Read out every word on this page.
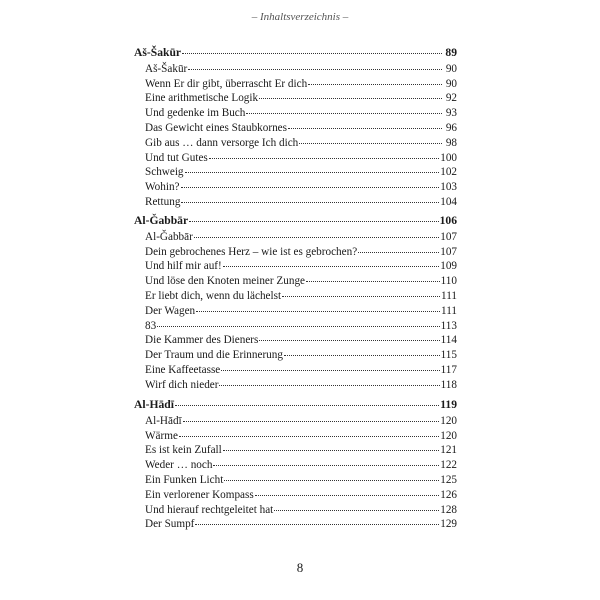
– Inhaltsverzeichnis –
Aš-Šakūr	89
Aš-Šakūr	90
Wenn Er dir gibt, überrascht Er dich	90
Eine arithmetische Logik	92
Und gedenke im Buch	93
Das Gewicht eines Staubkornes	96
Gib aus … dann versorge Ich dich	98
Und tut Gutes	100
Schweig	102
Wohin?	103
Rettung	104
Al-Ǧabbār	106
Al-Ǧabbār	107
Dein gebrochenes Herz – wie ist es gebrochen?	107
Und hilf mir auf!	109
Und löse den Knoten meiner Zunge	110
Er liebt dich, wenn du lächelst	111
Der Wagen	111
83	113
Die Kammer des Dieners	114
Der Traum und die Erinnerung	115
Eine Kaffeetasse	117
Wirf dich nieder	118
Al-Hādī	119
Al-Hādī	120
Wärme	120
Es ist kein Zufall	121
Weder … noch	122
Ein Funken Licht	125
Ein verlorener Kompass	126
Und hierauf rechtgeleitet hat	128
Der Sumpf	129
8
